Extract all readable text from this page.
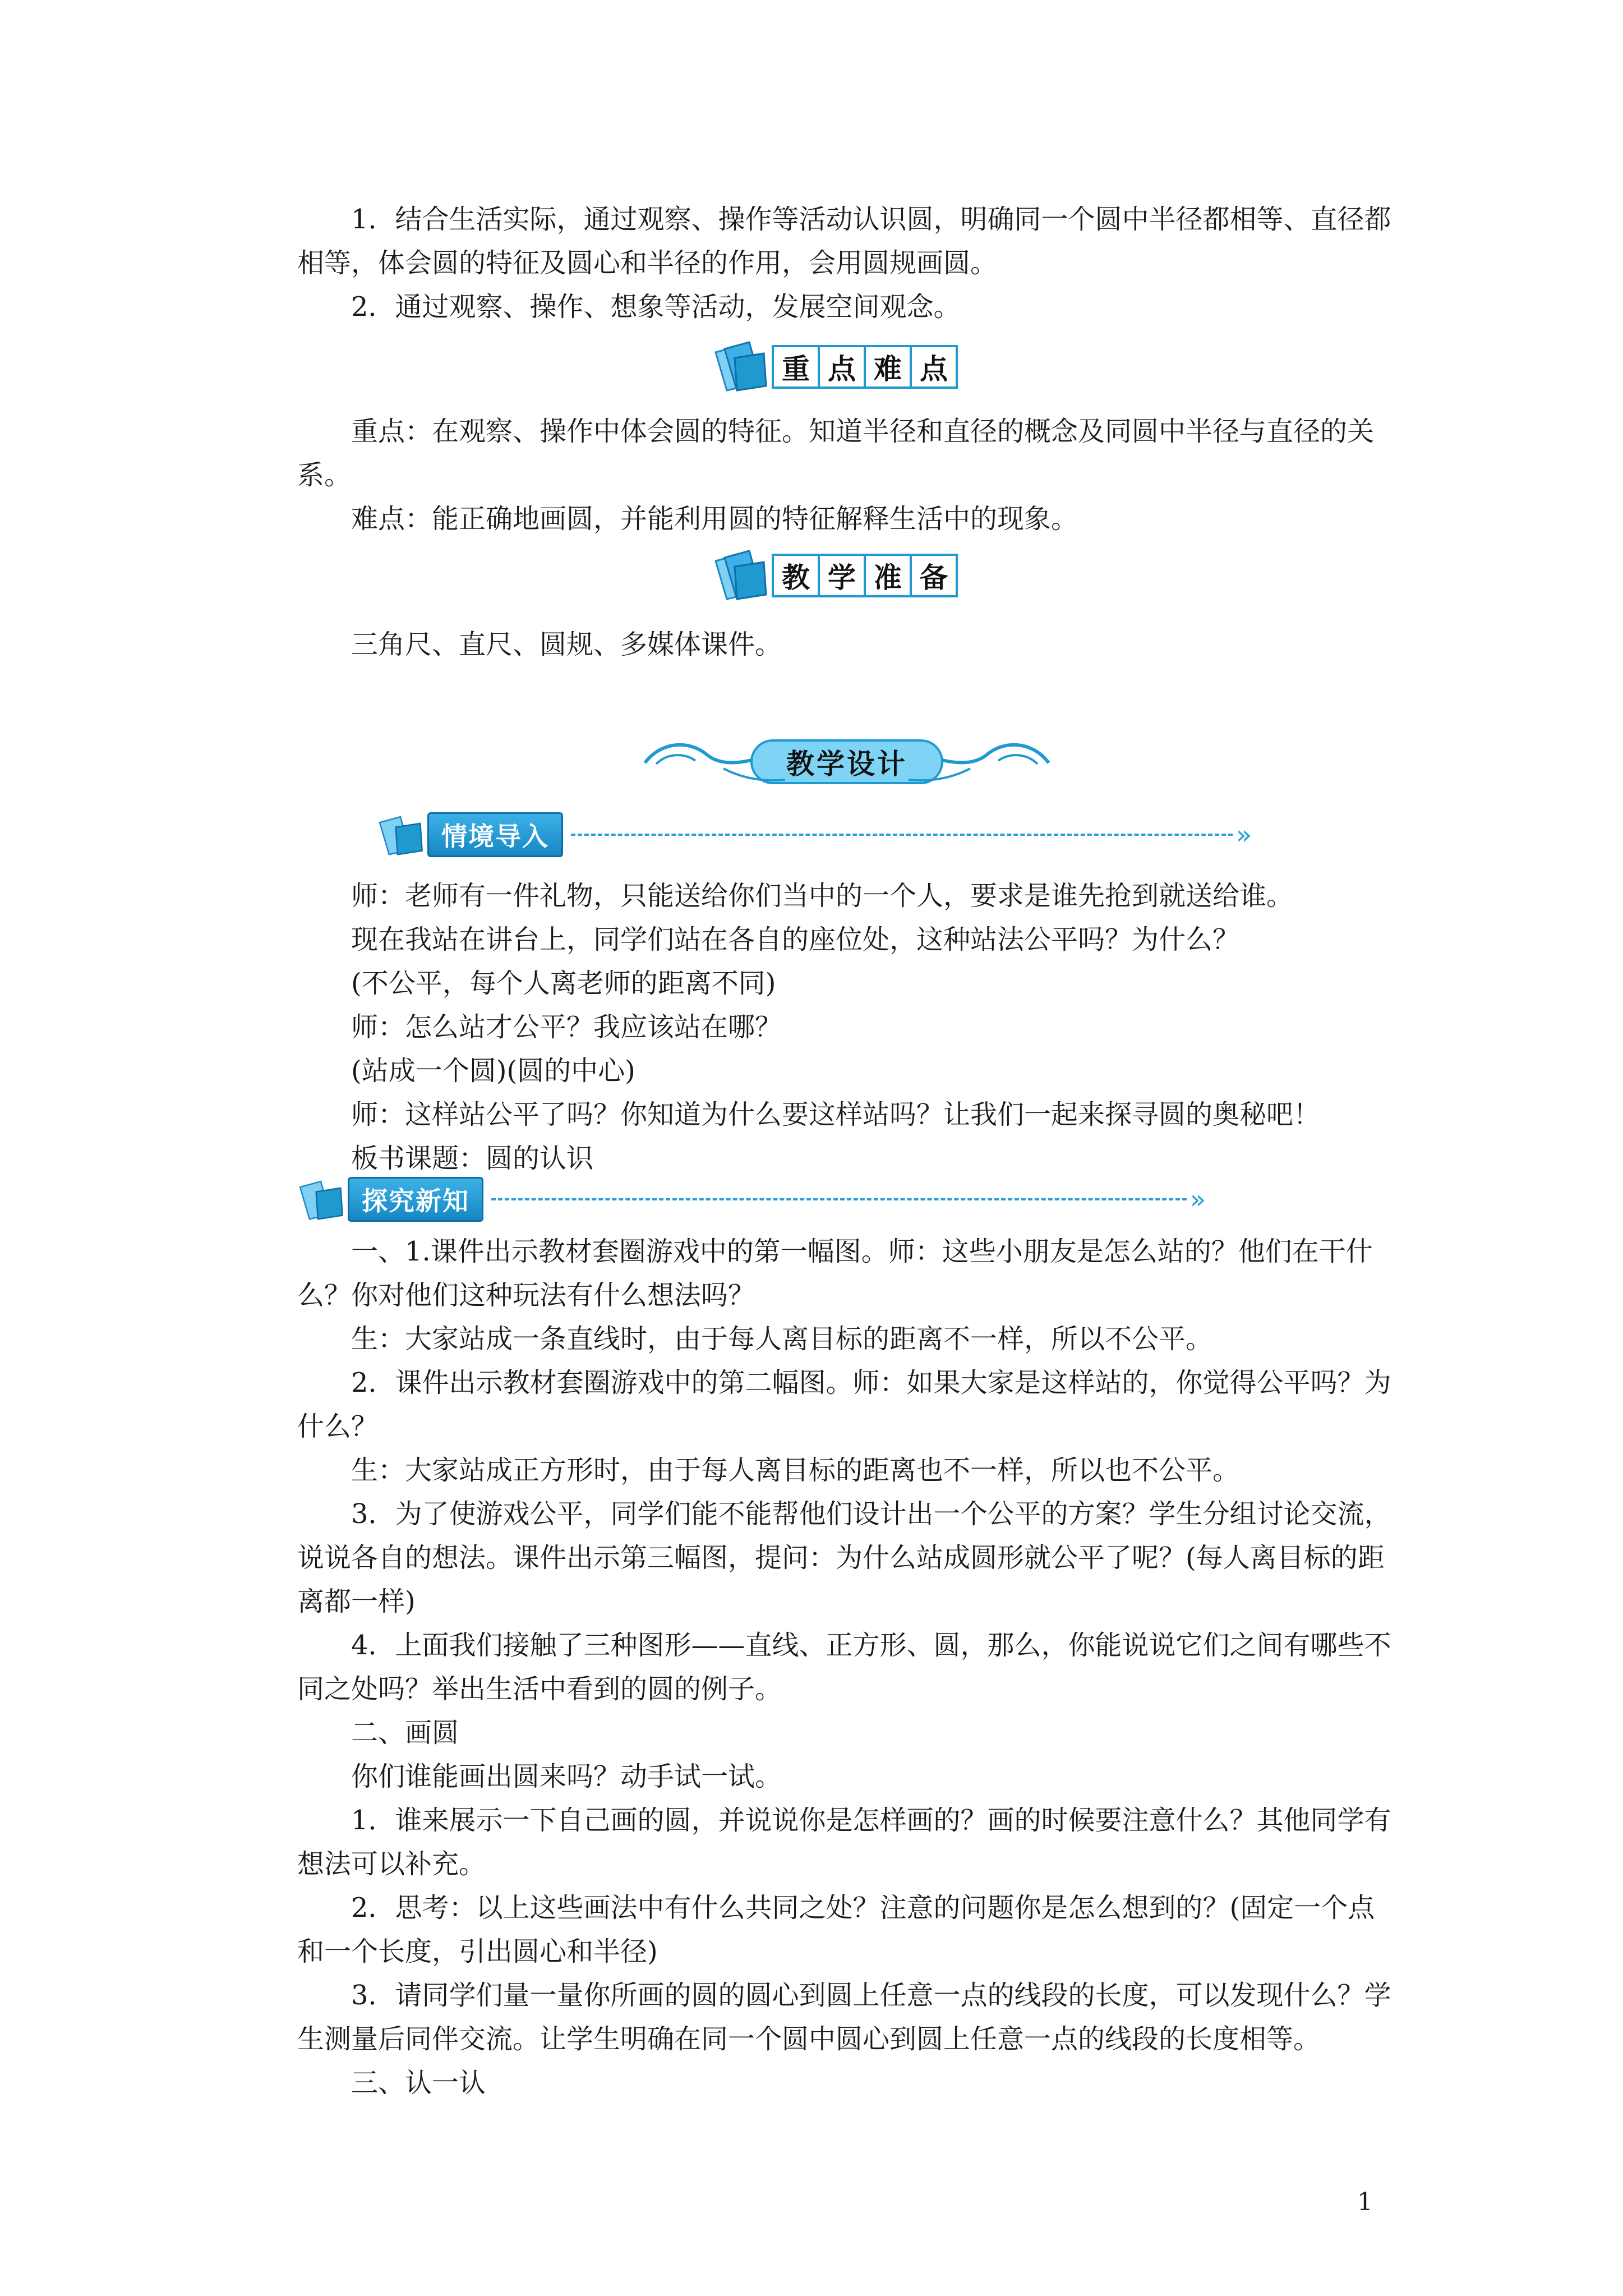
1．结合生活实际，通过观察、操作等活动认识圆，明确同一个圆中半径都相等、直径都相等，体会圆的特征及圆心和半径的作用，会用圆规画圆。

2．通过观察、操作、想象等活动，发展空间观念。

重 点 难 点

重点：在观察、操作中体会圆的特征。知道半径和直径的概念及同圆中半径与直径的关系。

难点：能正确地画圆，并能利用圆的特征解释生活中的现象。

教 学 准 备

三角尺、直尺、圆规、多媒体课件。

教学设计
情境导入	»

师：老师有一件礼物，只能送给你们当中的一个人，要求是谁先抢到就送给谁。

现在我站在讲台上，同学们站在各自的座位处，这种站法公平吗？为什么？

(不公平，每个人离老师的距离不同)

师：怎么站才公平？我应该站在哪？

(站成一个圆)(圆的中心)

师：这样站公平了吗？你知道为什么要这样站吗？让我们一起来探寻圆的奥秘吧！

板书课题：圆的认识

探究新知	»

一、1.课件出示教材套圈游戏中的第一幅图。师：这些小朋友是怎么站的？他们在干什么？你对他们这种玩法有什么想法吗？

生：大家站成一条直线时，由于每人离目标的距离不一样，所以不公平。

2．课件出示教材套圈游戏中的第二幅图。师：如果大家是这样站的，你觉得公平吗？为什么？

生：大家站成正方形时，由于每人离目标的距离也不一样，所以也不公平。

3．为了使游戏公平，同学们能不能帮他们设计出一个公平的方案？学生分组讨论交流，说说各自的想法。课件出示第三幅图，提问：为什么站成圆形就公平了呢？(每人离目标的距离都一样)

4．上面我们接触了三种图形——直线、正方形、圆，那么，你能说说它们之间有哪些不同之处吗？举出生活中看到的圆的例子。

二、画圆

你们谁能画出圆来吗？动手试一试。

1．谁来展示一下自己画的圆，并说说你是怎样画的？画的时候要注意什么？其他同学有想法可以补充。

2．思考：以上这些画法中有什么共同之处？注意的问题你是怎么想到的？(固定一个点和一个长度，引出圆心和半径)

3．请同学们量一量你所画的圆的圆心到圆上任意一点的线段的长度，可以发现什么？学生测量后同伴交流。让学生明确在同一个圆中圆心到圆上任意一点的线段的长度相等。

三、认一认

1
